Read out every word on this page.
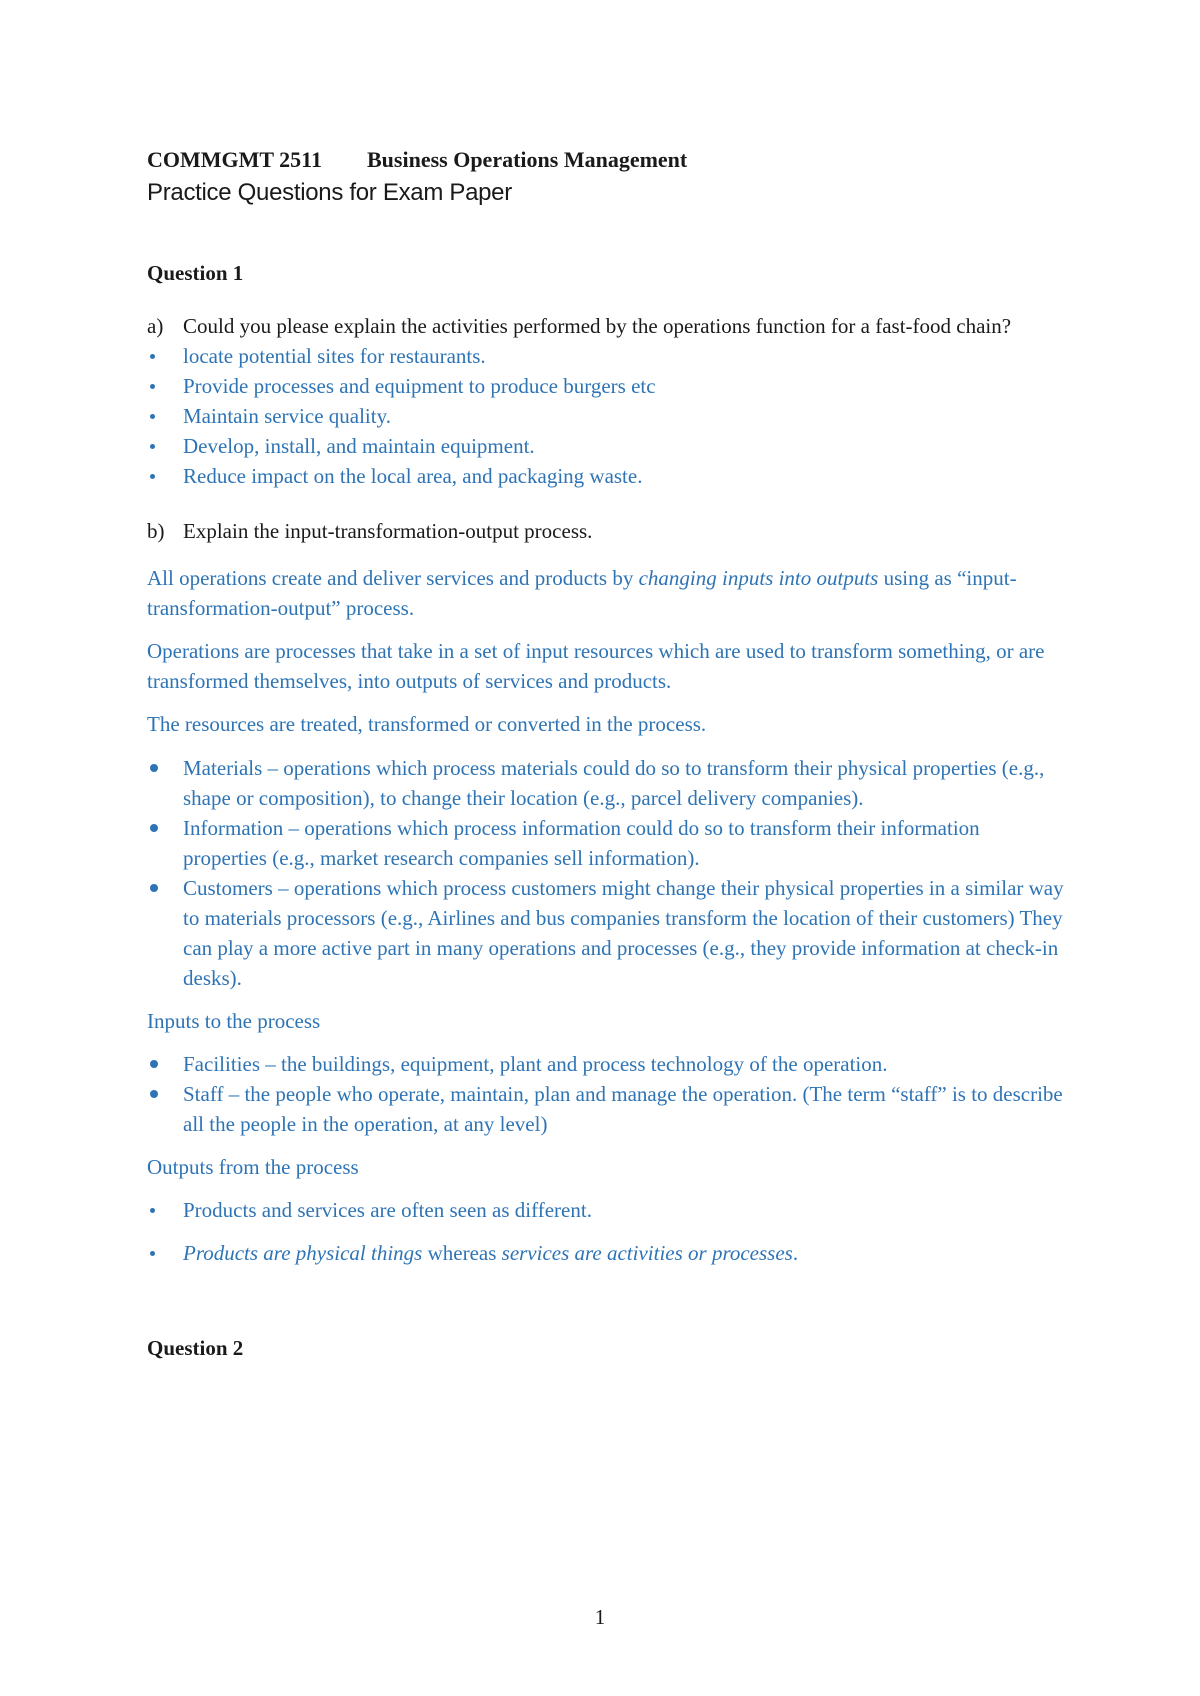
COMMGMT 2511 Business Operations Management
Practice Questions for Exam Paper
Question 1

a) Could you please explain the activities performed by the operations function for a fast-food chain?

locate potential sites for restaurants.
Provide processes and equipment to produce burgers etc
Maintain service quality.
Develop, install, and maintain equipment.
Reduce impact on the local area, and packaging waste.

b) Explain the input-transformation-output process.

All operations create and deliver services and products by changing inputs into outputs using as “input-transformation-output” process.

Operations are processes that take in a set of input resources which are used to transform something, or are transformed themselves, into outputs of services and products.

The resources are treated, transformed or converted in the process.

Materials – operations which process materials could do so to transform their physical properties (e.g., shape or composition), to change their location (e.g., parcel delivery companies).
Information – operations which process information could do so to transform their information properties (e.g., market research companies sell information).
Customers – operations which process customers might change their physical properties in a similar way to materials processors (e.g., Airlines and bus companies transform the location of their customers) They can play a more active part in many operations and processes (e.g., they provide information at check-in desks).

Inputs to the process

Facilities – the buildings, equipment, plant and process technology of the operation.
Staff – the people who operate, maintain, plan and manage the operation. (The term “staff” is to describe all the people in the operation, at any level)

Outputs from the process

Products and services are often seen as different.
Products are physical things whereas services are activities or processes.
Question 2
1
